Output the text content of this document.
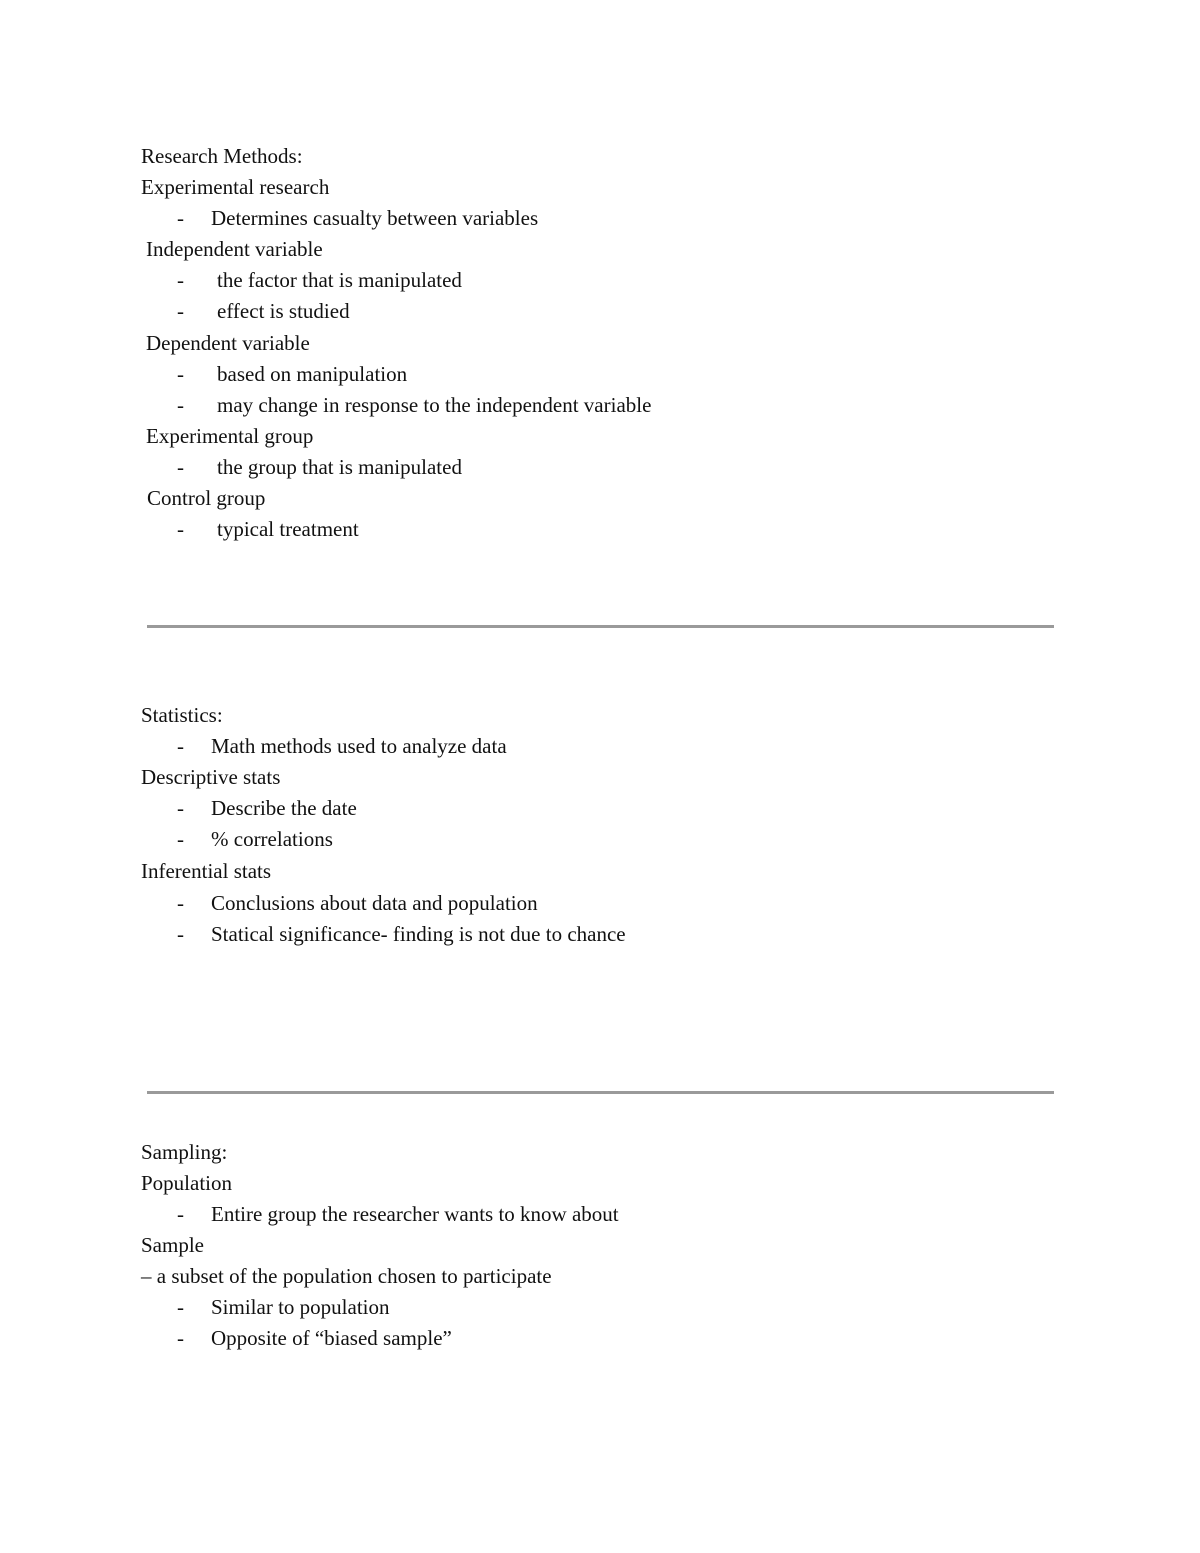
Research Methods:
Experimental research
- Determines casualty between variables
Independent variable
- the factor that is manipulated
- effect is studied
Dependent variable
- based on manipulation
- may change in response to the independent variable
Experimental group
- the group that is manipulated
Control group
- typical treatment
Statistics:
- Math methods used to analyze data
Descriptive stats
- Describe the date
- % correlations
Inferential stats
- Conclusions about data and population
- Statical significance- finding is not due to chance
Sampling:
Population
- Entire group the researcher wants to know about
Sample
– a subset of the population chosen to participate
- Similar to population
- Opposite of “biased sample”
